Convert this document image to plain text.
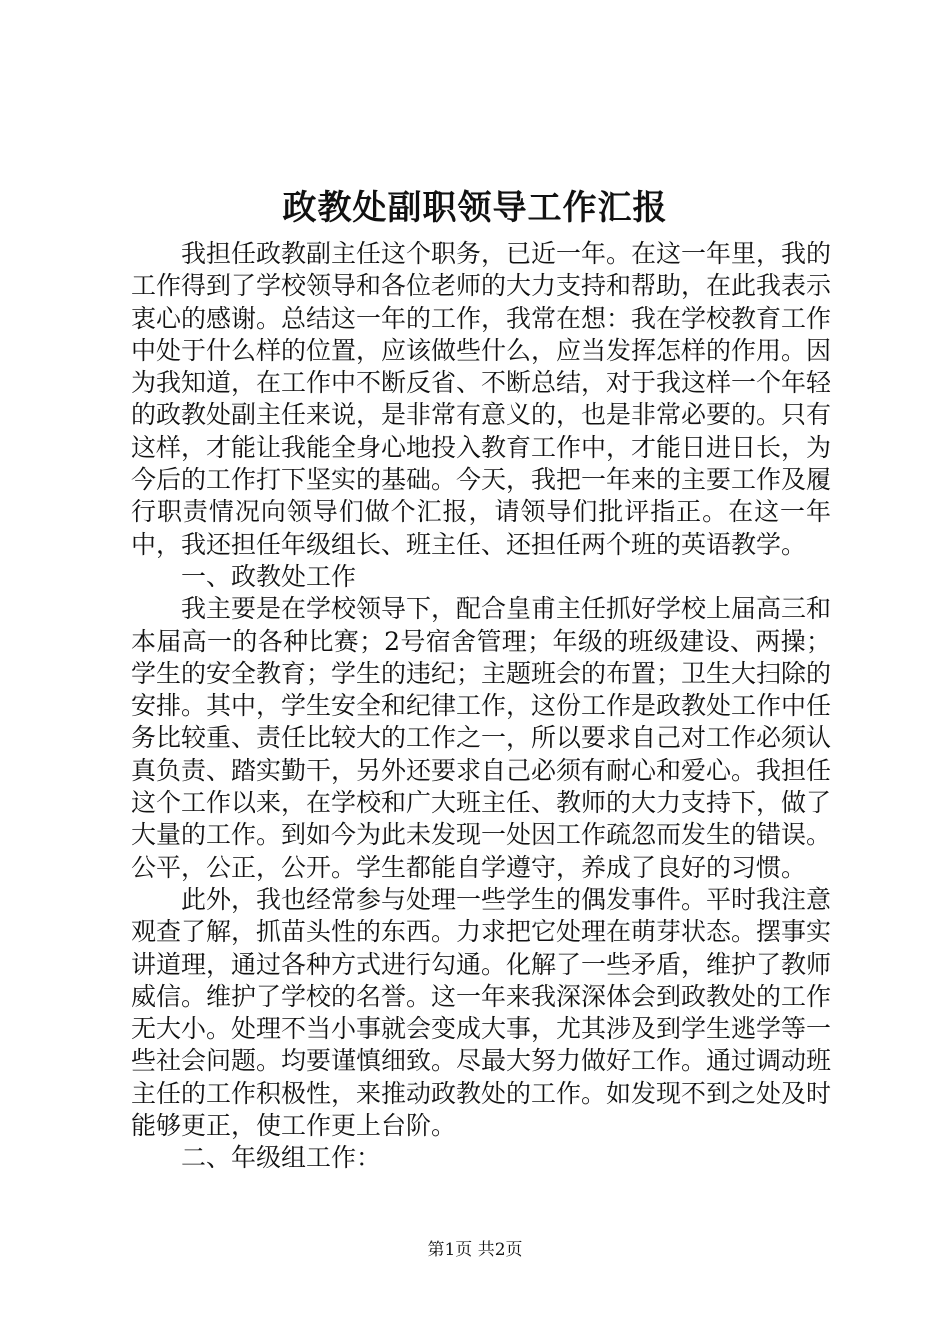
政教处副职领导工作汇报

我担任政教副主任这个职务，已近一年。在这一年里，我的工作得到了学校领导和各位老师的大力支持和帮助，在此我表示衷心的感谢。总结这一年的工作，我常在想：我在学校教育工作中处于什么样的位置，应该做些什么，应当发挥怎样的作用。因为我知道，在工作中不断反省、不断总结，对于我这样一个年轻的政教处副主任来说，是非常有意义的，也是非常必要的。只有这样，才能让我能全身心地投入教育工作中，才能日进日长，为今后的工作打下坚实的基础。今天，我把一年来的主要工作及履行职责情况向领导们做个汇报，请领导们批评指正。在这一年中，我还担任年级组长、班主任、还担任两个班的英语教学。

一、政教处工作

我主要是在学校领导下，配合皇甫主任抓好学校上届高三和本届高一的各种比赛；2号宿舍管理；年级的班级建设、两操；学生的安全教育；学生的违纪；主题班会的布置；卫生大扫除的安排。其中，学生安全和纪律工作，这份工作是政教处工作中任务比较重、责任比较大的工作之一，所以要求自己对工作必须认真负责、踏实勤干，另外还要求自己必须有耐心和爱心。我担任这个工作以来，在学校和广大班主任、教师的大力支持下，做了大量的工作。到如今为此未发现一处因工作疏忽而发生的错误。公平，公正，公开。学生都能自学遵守，养成了良好的习惯。

此外，我也经常参与处理一些学生的偶发事件。平时我注意观查了解，抓苗头性的东西。力求把它处理在萌芽状态。摆事实讲道理，通过各种方式进行勾通。化解了一些矛盾，维护了教师威信。维护了学校的名誉。这一年来我深深体会到政教处的工作无大小。处理不当小事就会变成大事，尤其涉及到学生逃学等一些社会问题。均要谨慎细致。尽最大努力做好工作。通过调动班主任的工作积极性，来推动政教处的工作。如发现不到之处及时能够更正，使工作更上台阶。

二、年级组工作：

第1页 共2页
